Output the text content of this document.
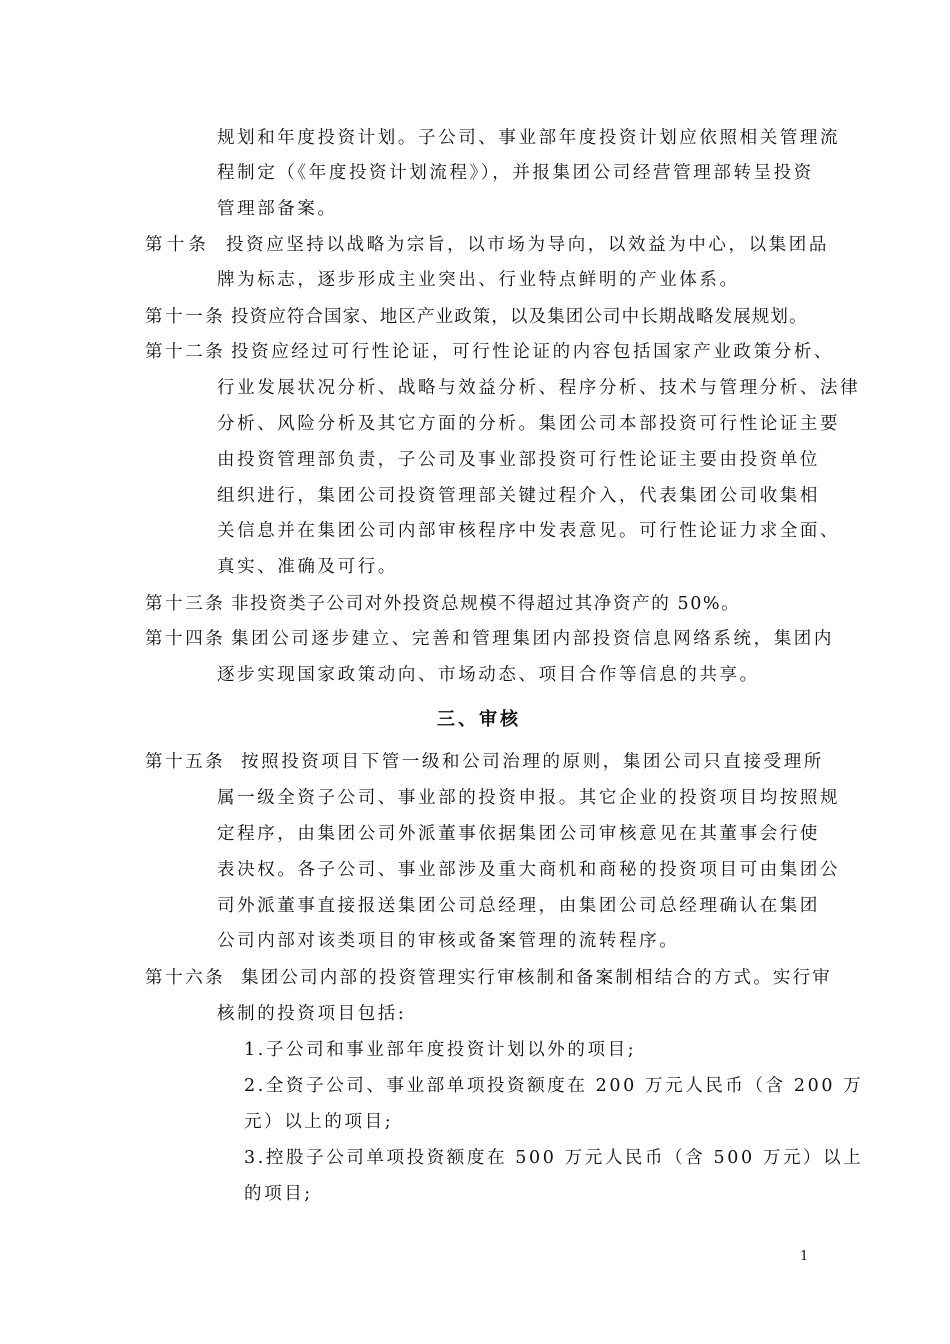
规划和年度投资计划。子公司、事业部年度投资计划应依照相关管理流
程制定（《年度投资计划流程》），并报集团公司经营管理部转呈投资
管理部备案。
第十条 投资应坚持以战略为宗旨，以市场为导向，以效益为中心，以集团品
牌为标志，逐步形成主业突出、行业特点鲜明的产业体系。
第十一条 投资应符合国家、地区产业政策，以及集团公司中长期战略发展规划。
第十二条 投资应经过可行性论证，可行性论证的内容包括国家产业政策分析、
行业发展状况分析、战略与效益分析、程序分析、技术与管理分析、法律
分析、风险分析及其它方面的分析。集团公司本部投资可行性论证主要
由投资管理部负责，子公司及事业部投资可行性论证主要由投资单位
组织进行，集团公司投资管理部关键过程介入，代表集团公司收集相
关信息并在集团公司内部审核程序中发表意见。可行性论证力求全面、
真实、准确及可行。
第十三条 非投资类子公司对外投资总规模不得超过其净资产的 50%。
第十四条 集团公司逐步建立、完善和管理集团内部投资信息网络系统，集团内
逐步实现国家政策动向、市场动态、项目合作等信息的共享。
三、审核
第十五条 按照投资项目下管一级和公司治理的原则，集团公司只直接受理所
属一级全资子公司、事业部的投资申报。其它企业的投资项目均按照规
定程序，由集团公司外派董事依据集团公司审核意见在其董事会行使
表决权。各子公司、事业部涉及重大商机和商秘的投资项目可由集团公
司外派董事直接报送集团公司总经理，由集团公司总经理确认在集团
公司内部对该类项目的审核或备案管理的流转程序。
第十六条 集团公司内部的投资管理实行审核制和备案制相结合的方式。实行审
核制的投资项目包括:
1.子公司和事业部年度投资计划以外的项目;
2.全资子公司、事业部单项投资额度在 200 万元人民币（含 200 万
元）以上的项目;
3.控股子公司单项投资额度在 500 万元人民币（含 500 万元）以上
的项目;
1
